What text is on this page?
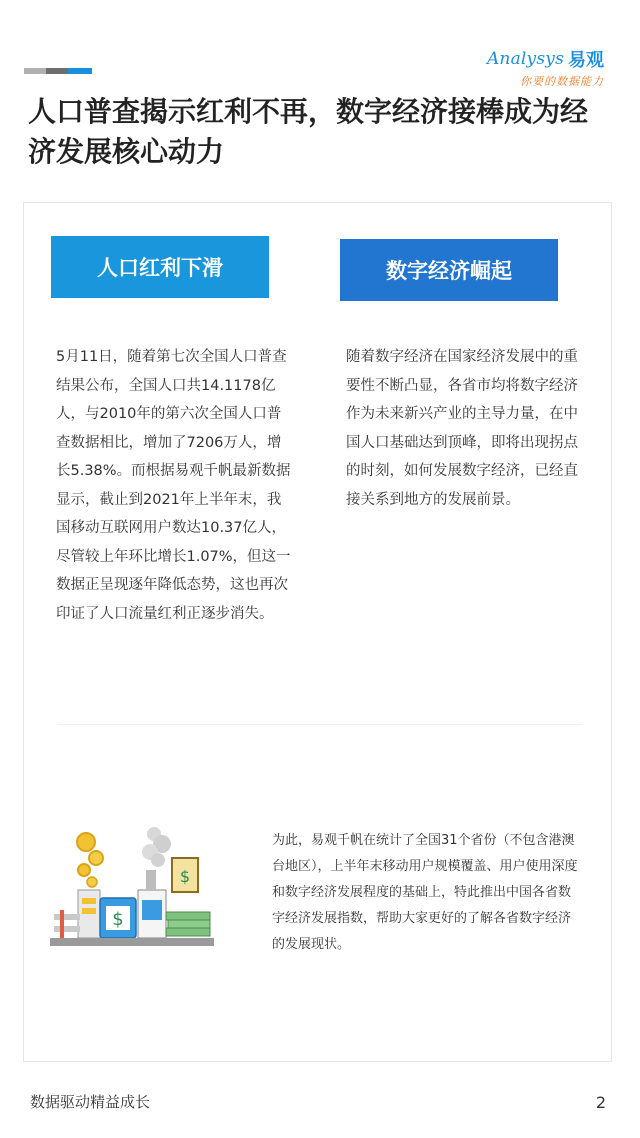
Analysys 易观
你要的数据能力
人口普查揭示红利不再，数字经济接棒成为经济发展核心动力
人口红利下滑	数字经济崛起

5月11日，随着第七次全国人口普查结果公布，全国人口共14.1178亿人，与2010年的第六次全国人口普查数据相比，增加了7206万人，增长5.38%。而根据易观千帆最新数据显示，截止到2021年上半年末，我国移动互联网用户数达10.37亿人，尽管较上年环比增长1.07%，但这一数据正呈现逐年降低态势，这也再次印证了人口流量红利正逐步消失。

随着数字经济在国家经济发展中的重要性不断凸显，各省市均将数字经济作为未来新兴产业的主导力量，在中国人口基础达到顶峰，即将出现拐点的时刻，如何发展数字经济，已经直接关系到地方的发展前景。

$
$

为此，易观千帆在统计了全国31个省份（不包含港澳台地区），上半年末移动用户规模覆盖、用户使用深度和数字经济发展程度的基础上，特此推出中国各省数字经济发展指数，帮助大家更好的了解各省数字经济的发展现状。

数据驱动精益成长	2
